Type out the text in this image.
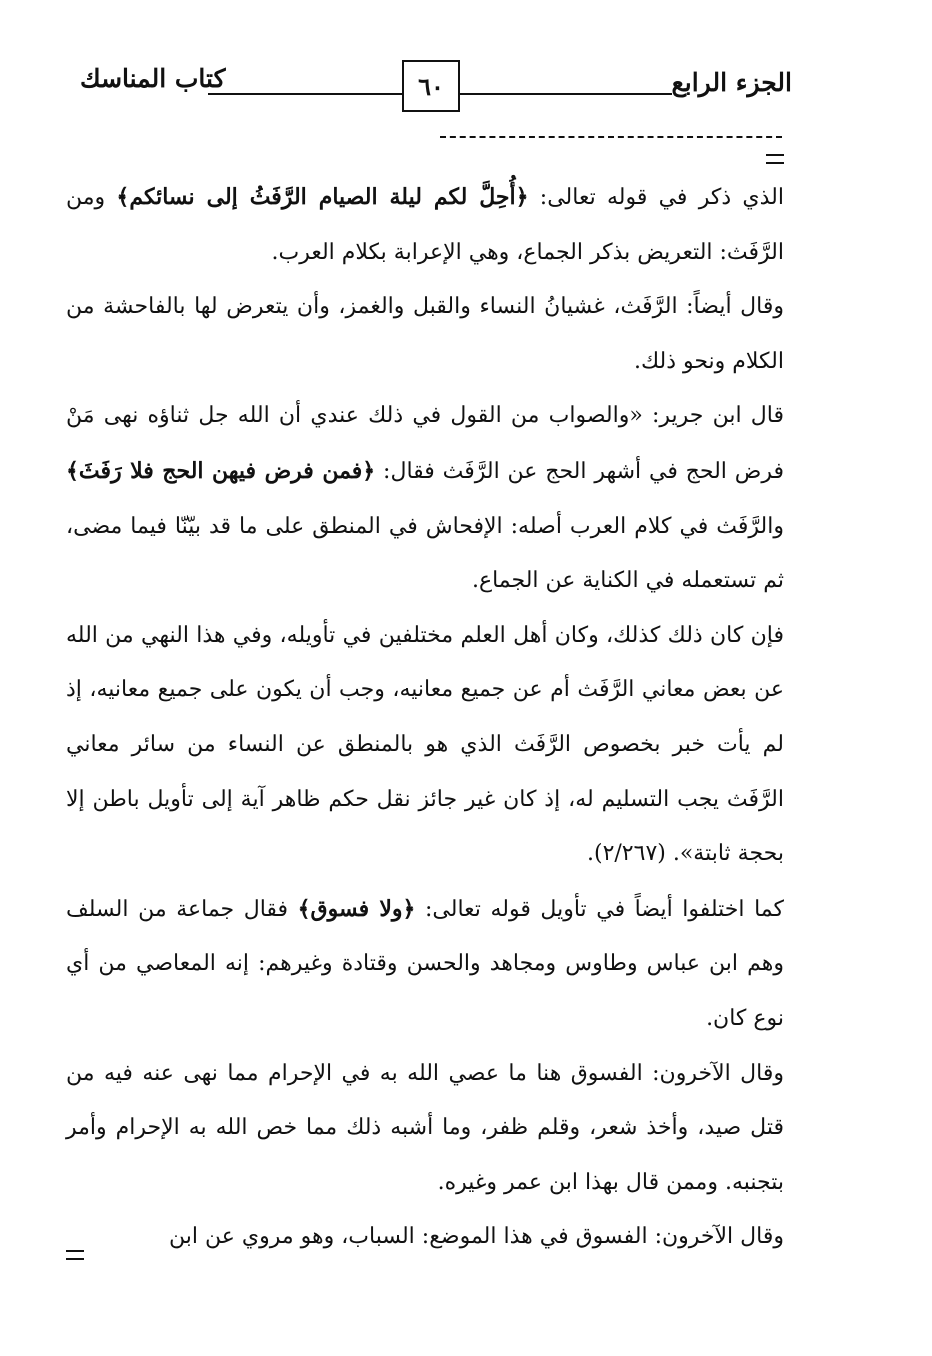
الجزء الرابع
٦٠
كتاب المناسك

الذي ذكر في قوله تعالى: ﴿أُحِلَّ لكم ليلة الصيام الرَّفَثُ إلى نسائكم﴾ ومن الرَّفَث: التعريض بذكر الجماع، وهي الإعرابة بكلام العرب.

وقال أيضاً: الرَّفَث، غشيانُ النساء والقبل والغمز، وأن يتعرض لها بالفاحشة من الكلام ونحو ذلك.

قال ابن جرير: «والصواب من القول في ذلك عندي أن الله جل ثناؤه نهى مَنْ فرض الحج في أشهر الحج عن الرَّفَث فقال: ﴿فمن فرض فيهن الحج فلا رَفَثَ﴾ والرَّفَث في كلام العرب أصله: الإفحاش في المنطق على ما قد بيّنّا فيما مضى، ثم تستعمله في الكناية عن الجماع.

فإن كان ذلك كذلك، وكان أهل العلم مختلفين في تأويله، وفي هذا النهي من الله عن بعض معاني الرَّفَث أم عن جميع معانيه، وجب أن يكون على جميع معانيه، إذ لم يأت خبر بخصوص الرَّفَث الذي هو بالمنطق عن النساء من سائر معاني الرَّفَث يجب التسليم له، إذ كان غير جائز نقل حكم ظاهر آية إلى تأويل باطن إلا بحجة ثابتة». (٢/٢٦٧).

كما اختلفوا أيضاً في تأويل قوله تعالى: ﴿ولا فسوق﴾ فقال جماعة من السلف وهم ابن عباس وطاوس ومجاهد والحسن وقتادة وغيرهم: إنه المعاصي من أي نوع كان.

وقال الآخرون: الفسوق هنا ما عصي الله به في الإحرام مما نهى عنه فيه من قتل صيد، وأخذ شعر، وقلم ظفر، وما أشبه ذلك مما خص الله به الإحرام وأمر بتجنبه. وممن قال بهذا ابن عمر وغيره.

وقال الآخرون: الفسوق في هذا الموضع: السباب، وهو مروي عن ابن
